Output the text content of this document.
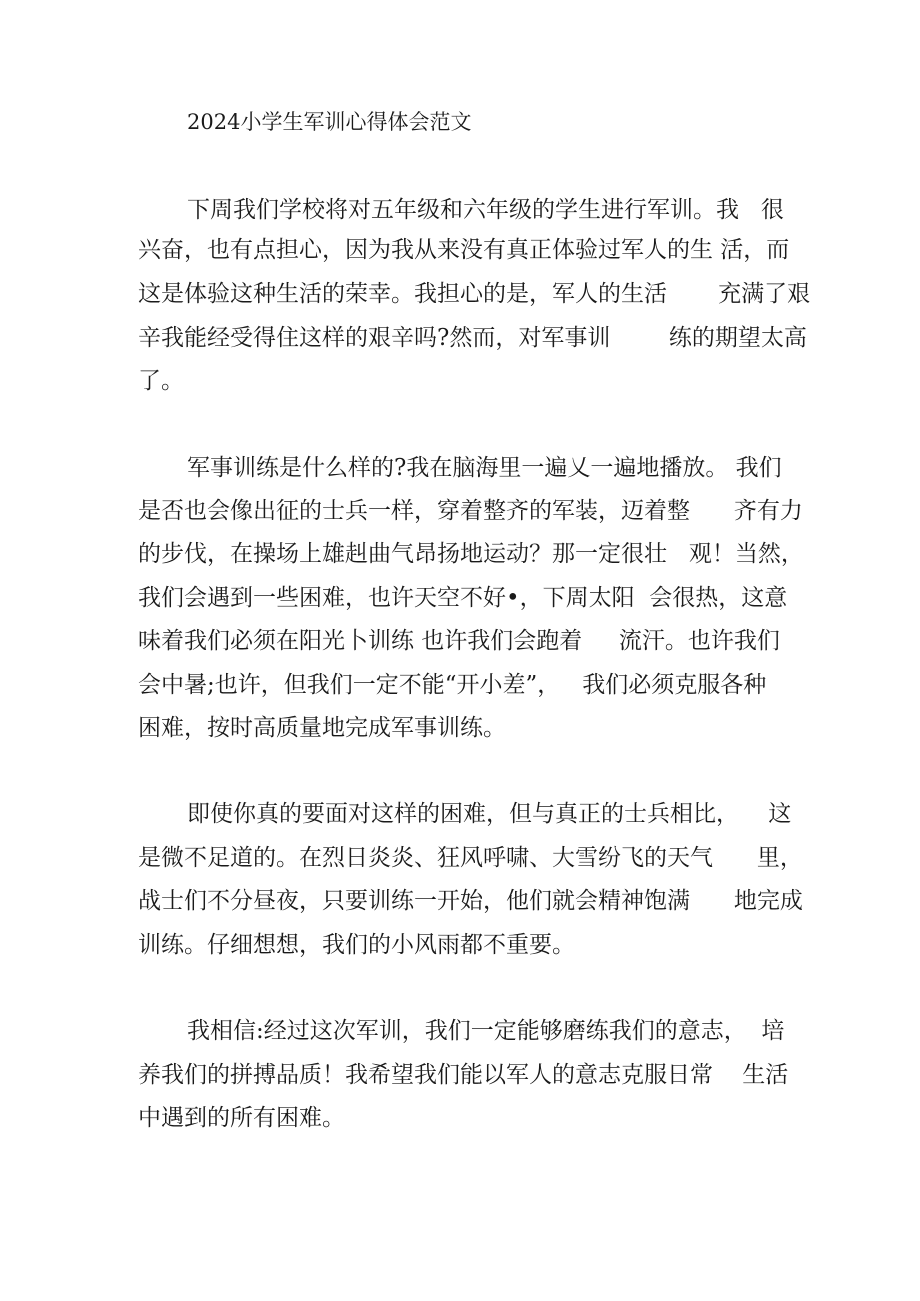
2024小学生军训心得体会范文
下周我们学校将对五年级和六年级的学生进行军训。我   很
兴奋，也有点担心，因为我从来没有真正体验过军人的生 活，而
这是体验这种生活的荣幸。我担心的是，军人的生活       充满了艰
辛我能经受得住这样的艰辛吗?然而，对军事训        练的期望太高
了。
军事训练是什么样的?我在脑海里一遍乂一遍地播放。 我们
是否也会像出征的士兵一样，穿着整齐的军装，迈着整      齐有力
的步伐，在操场上雄赳曲气昂扬地运动？那一定很壮   观！当然，
我们会遇到一些困难，也许天空不好•，下周太阳  会很热，这意
味着我们必须在阳光卜训练 也许我们会跑着     流汗。也许我们
会中暑;也许，但我们一定不能“开小差”，   我们必须克服各种
困难，按时高质量地完成军事训练。
即使你真的要面对这样的困难，但与真正的士兵相比，    这
是微不足道的。在烈日炎炎、狂风呼啸、大雪纷飞的天气      里，
战士们不分昼夜，只要训练一开始，他们就会精神饱满      地完成
训练。仔细想想，我们的小风雨都不重要。
我相信:经过这次军训，我们一定能够磨练我们的意志，  培
养我们的拼搏品质！我希望我们能以军人的意志克服日常    生活
中遇到的所有困难。
